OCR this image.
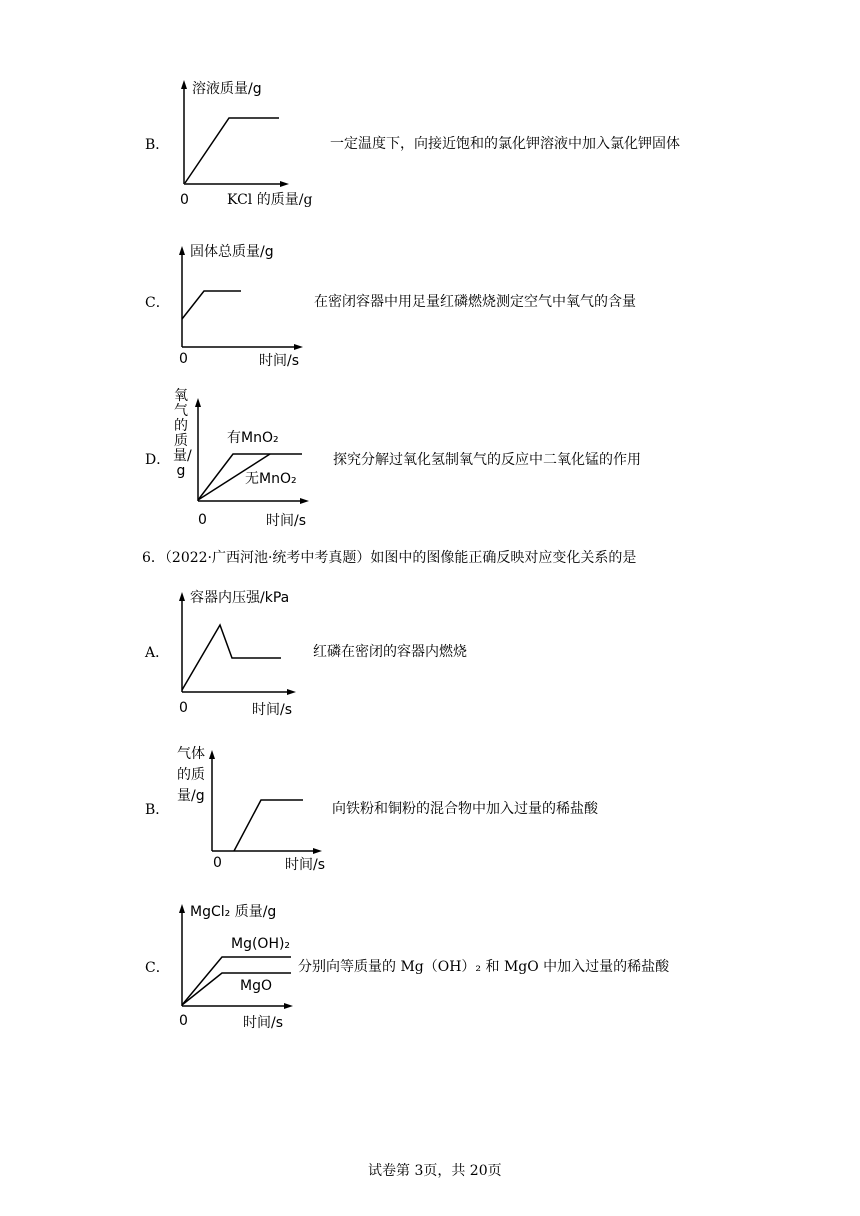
B．
溶液质量/g
0	KCl 的质量/g
一定温度下，向接近饱和的氯化钾溶液中加入氯化钾固体
C．
固体总质量/g
0	时间/s
在密闭容器中用足量红磷燃烧测定空气中氧气的含量
D．
氧气的质量/g
有MnO₂
无MnO₂
0	时间/s
探究分解过氧化氢制氧气的反应中二氧化锰的作用
6．（2022·广西河池·统考中考真题）如图中的图像能正确反映对应变化关系的是
A．
容器内压强/kPa
0	时间/s
红磷在密闭的容器内燃烧
B．
气体
的质
量/g
0	时间/s
向铁粉和铜粉的混合物中加入过量的稀盐酸
C．
MgCl₂ 质量/g
Mg(OH)₂
MgO
0	时间/s
分别向等质量的 Mg（OH）₂ 和 MgO 中加入过量的稀盐酸
试卷第 3页，共 20页
